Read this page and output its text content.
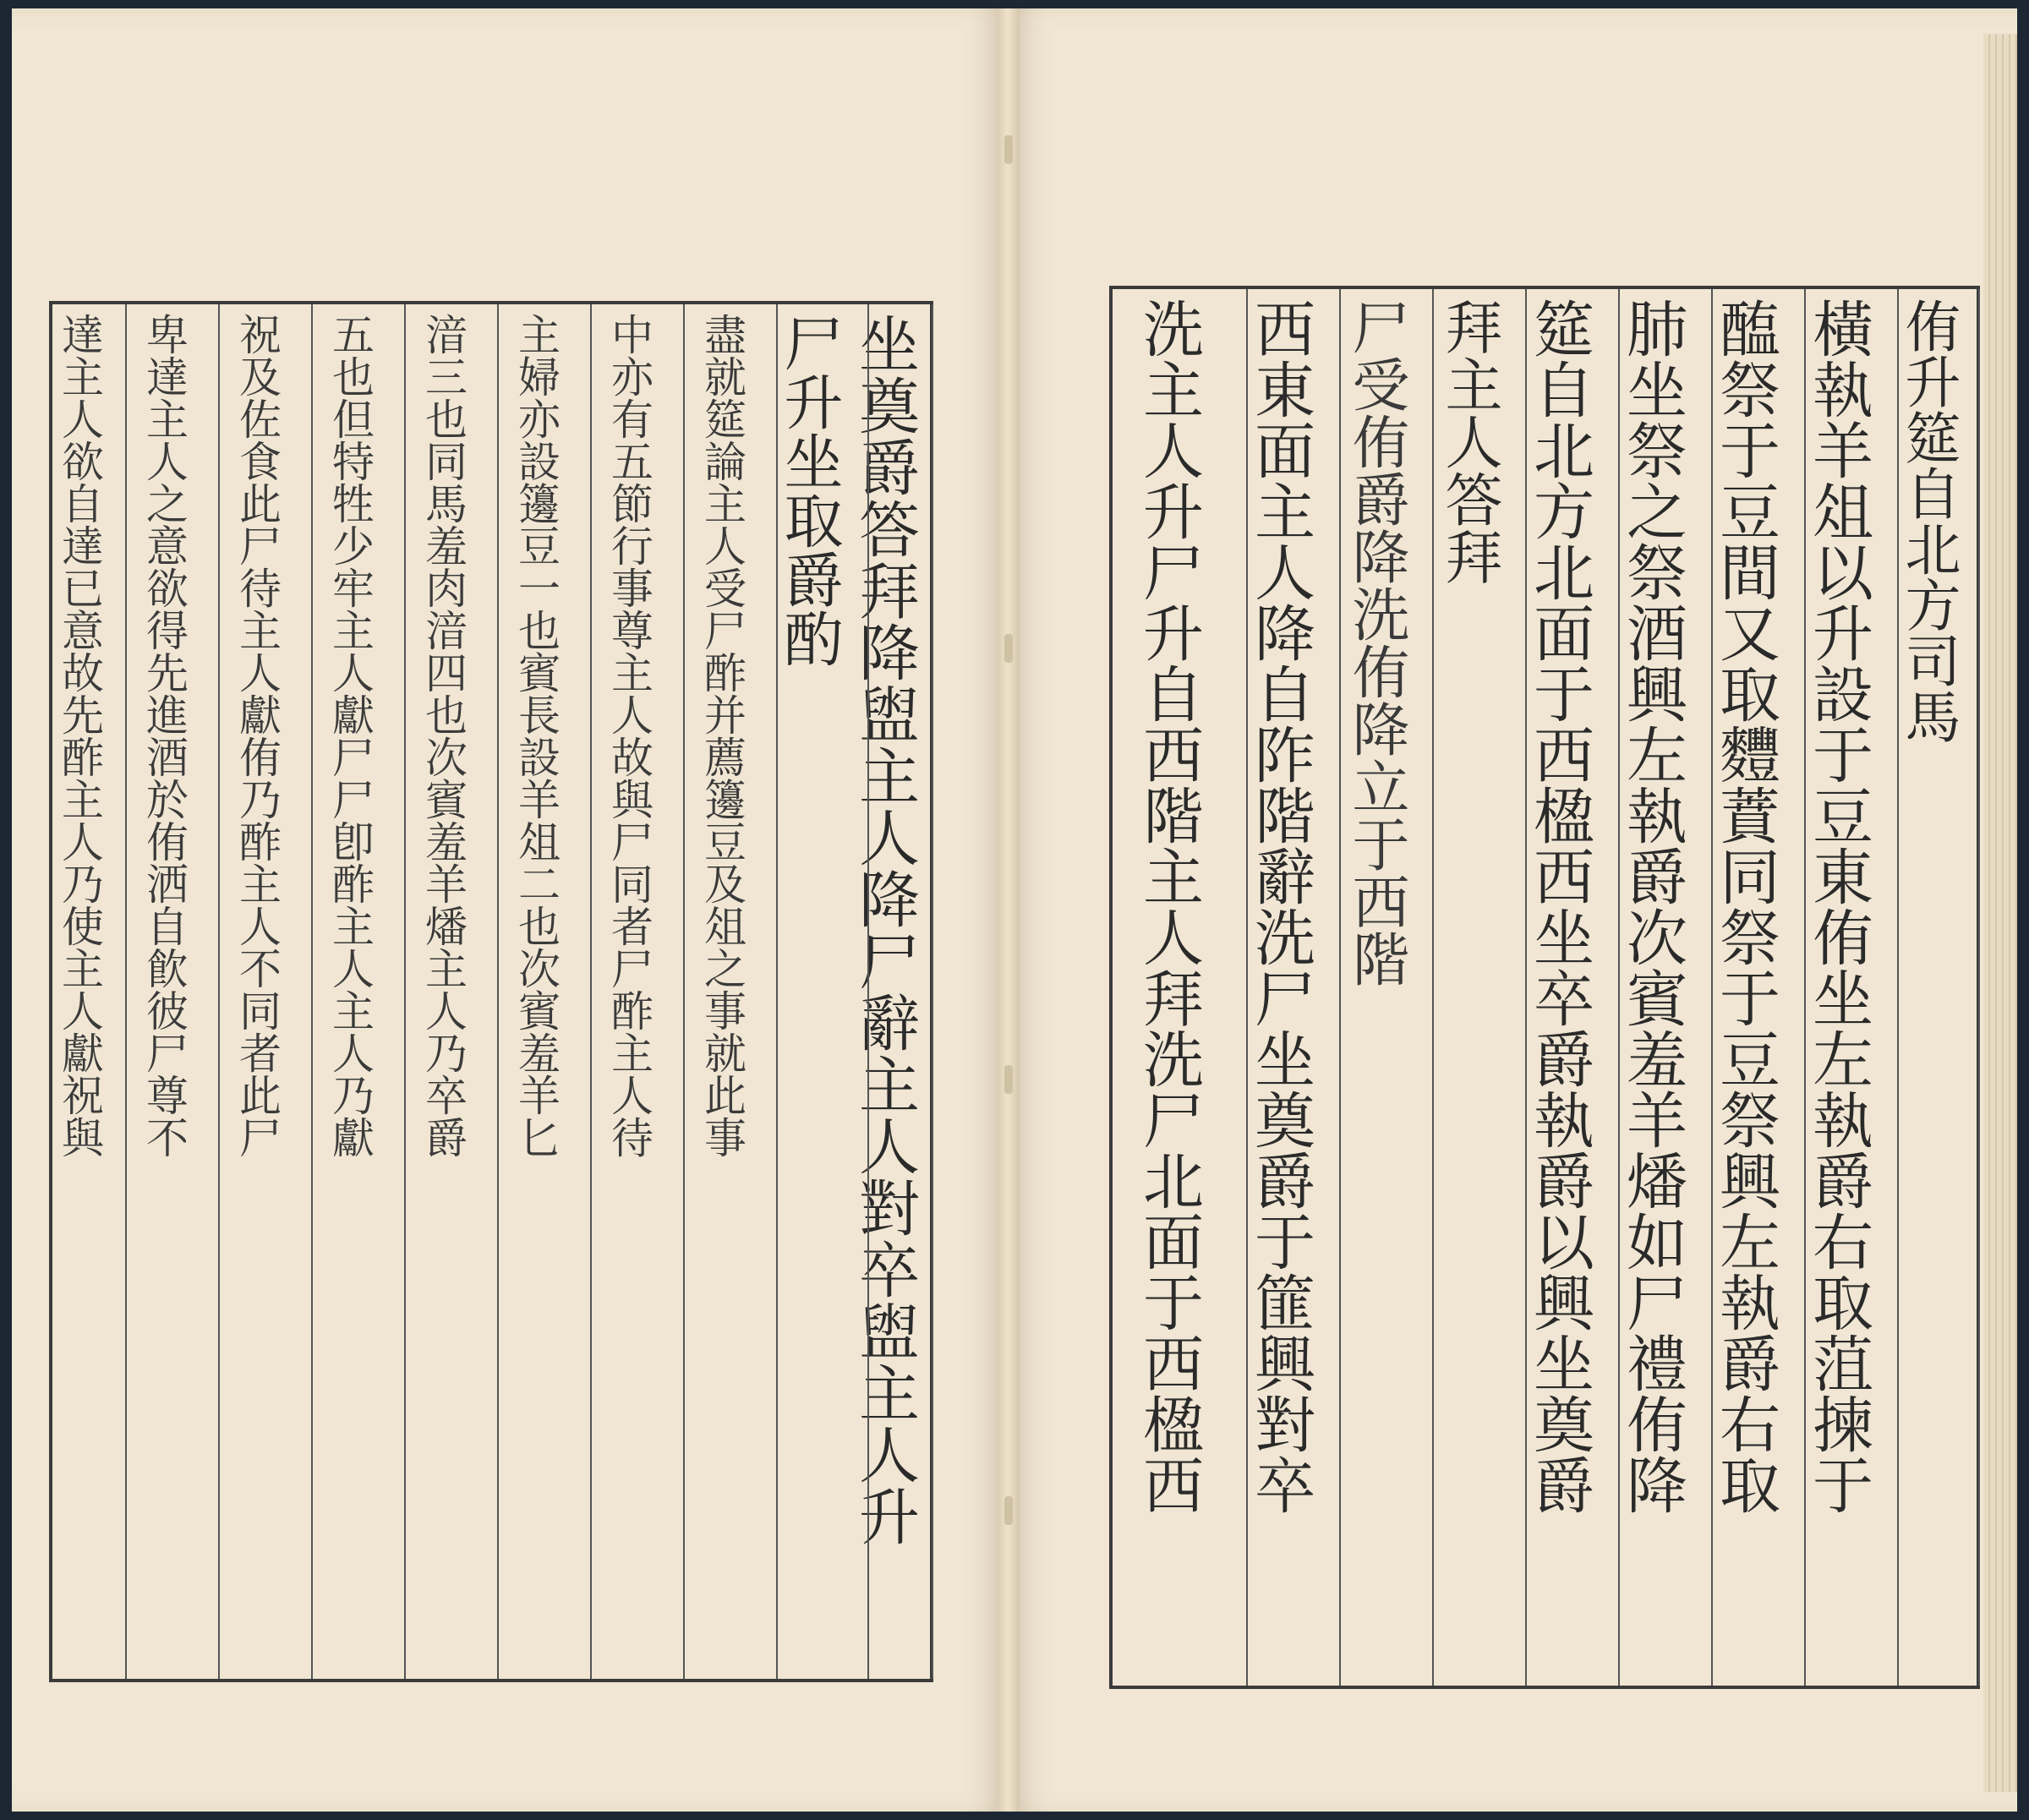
坐奠爵答拜降盥主人降尸辭主人對卒盥主人升
尸升坐取爵酌
盡就筵論主人受尸酢并薦籩豆及俎之事就此事
中亦有五節行事尊主人故與尸同者尸酢主人待
主婦亦設籩豆一也賓長設羊俎二也次賓羞羊匕
湆三也同馬羞肉湆四也次賓羞羊燔主人乃卒爵
五也但特牲少牢主人獻尸尸卽酢主人主人乃獻
祝及佐食此尸待主人獻侑乃酢主人不同者此尸
卑達主人之意欲得先進酒於侑洒自飮彼尸尊不
達主人欲自達已意故先酢主人乃使主人獻祝與	侑升筵自北方司馬
橫執羊俎以升設于豆東侑坐左執爵右取菹揀于
醢祭于豆間又取麷蕡同祭于豆祭興左執爵右取
肺坐祭之祭酒興左執爵次賓羞羊燔如尸禮侑降
筵自北方北面于西楹西坐卒爵執爵以興坐奠爵
拜主人答拜
尸受侑爵降洗侑降立于西階
西東面主人降自阼階辭洗尸坐奠爵于篚興對卒
洗主人升尸升自西階主人拜洗尸北面于西楹西
